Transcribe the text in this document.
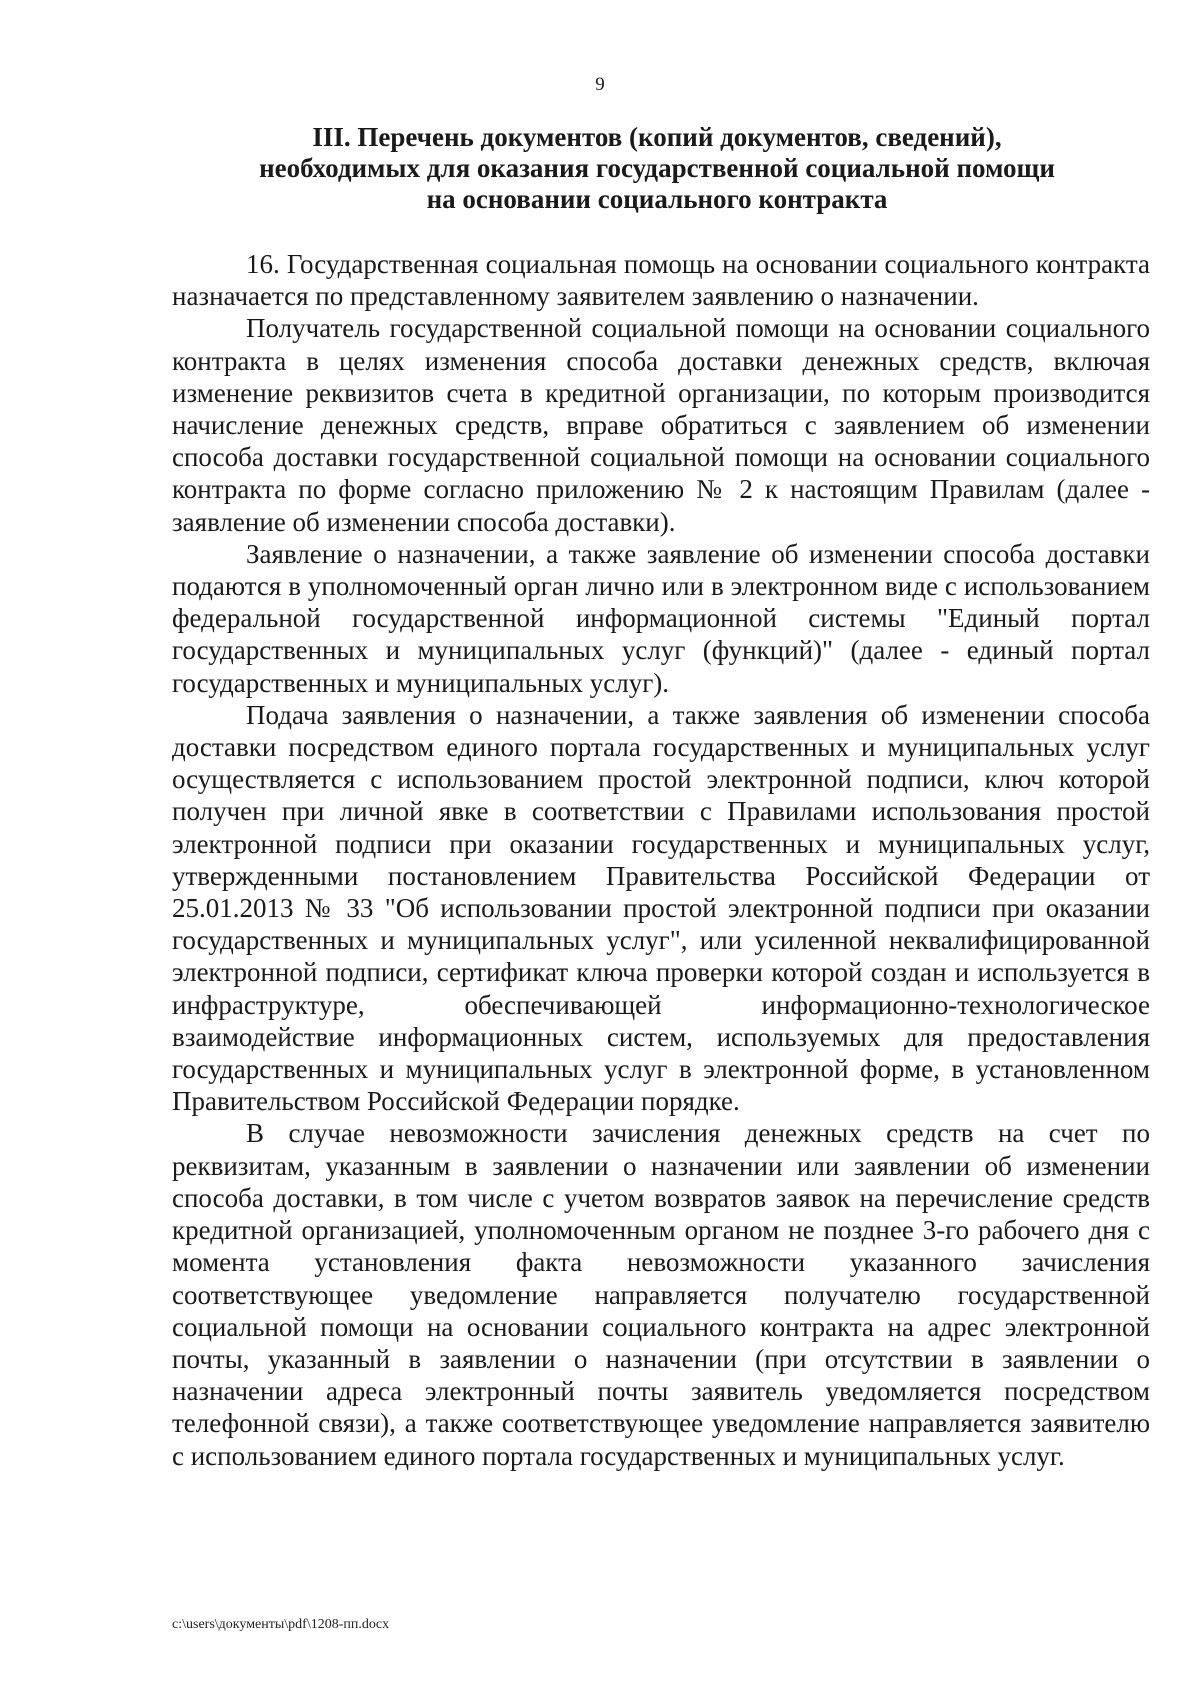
9
III. Перечень документов (копий документов, сведений),
необходимых для оказания государственной социальной помощи
на основании социального контракта

16. Государственная социальная помощь на основании социального контракта назначается по представленному заявителем заявлению о назначении.

Получатель государственной социальной помощи на основании социального контракта в целях изменения способа доставки денежных средств, включая изменение реквизитов счета в кредитной организации, по которым производится начисление денежных средств, вправе обратиться с заявлением об изменении способа доставки государственной социальной помощи на основании социального контракта по форме согласно приложению № 2 к настоящим Правилам (далее - заявление об изменении способа доставки).

Заявление о назначении, а также заявление об изменении способа доставки подаются в уполномоченный орган лично или в электронном виде с использованием федеральной государственной информационной системы "Единый портал государственных и муниципальных услуг (функций)" (далее - единый портал государственных и муниципальных услуг).

Подача заявления о назначении, а также заявления об изменении способа доставки посредством единого портала государственных и муниципальных услуг осуществляется с использованием простой электронной подписи, ключ которой получен при личной явке в соответствии с Правилами использования простой электронной подписи при оказании государственных и муниципальных услуг, утвержденными постановлением Правительства Российской Федерации от 25.01.2013 № 33 "Об использовании простой электронной подписи при оказании государственных и муниципальных услуг", или усиленной неквалифицированной электронной подписи, сертификат ключа проверки которой создан и используется в инфраструктуре, обеспечивающей информационно-технологическое взаимодействие информационных систем, используемых для предоставления государственных и муниципальных услуг в электронной форме, в установленном Правительством Российской Федерации порядке.

В случае невозможности зачисления денежных средств на счет по реквизитам, указанным в заявлении о назначении или заявлении об изменении способа доставки, в том числе с учетом возвратов заявок на перечисление средств кредитной организацией, уполномоченным органом не позднее 3-го рабочего дня с момента установления факта невозможности указанного зачисления соответствующее уведомление направляется получателю государственной социальной помощи на основании социального контракта на адрес электронной почты, указанный в заявлении о назначении (при отсутствии в заявлении о назначении адреса электронный почты заявитель уведомляется посредством телефонной связи), а также соответствующее уведомление направляется заявителю с использованием единого портала государственных и муниципальных услуг.

c:\users\документы\pdf\1208-пп.docx
